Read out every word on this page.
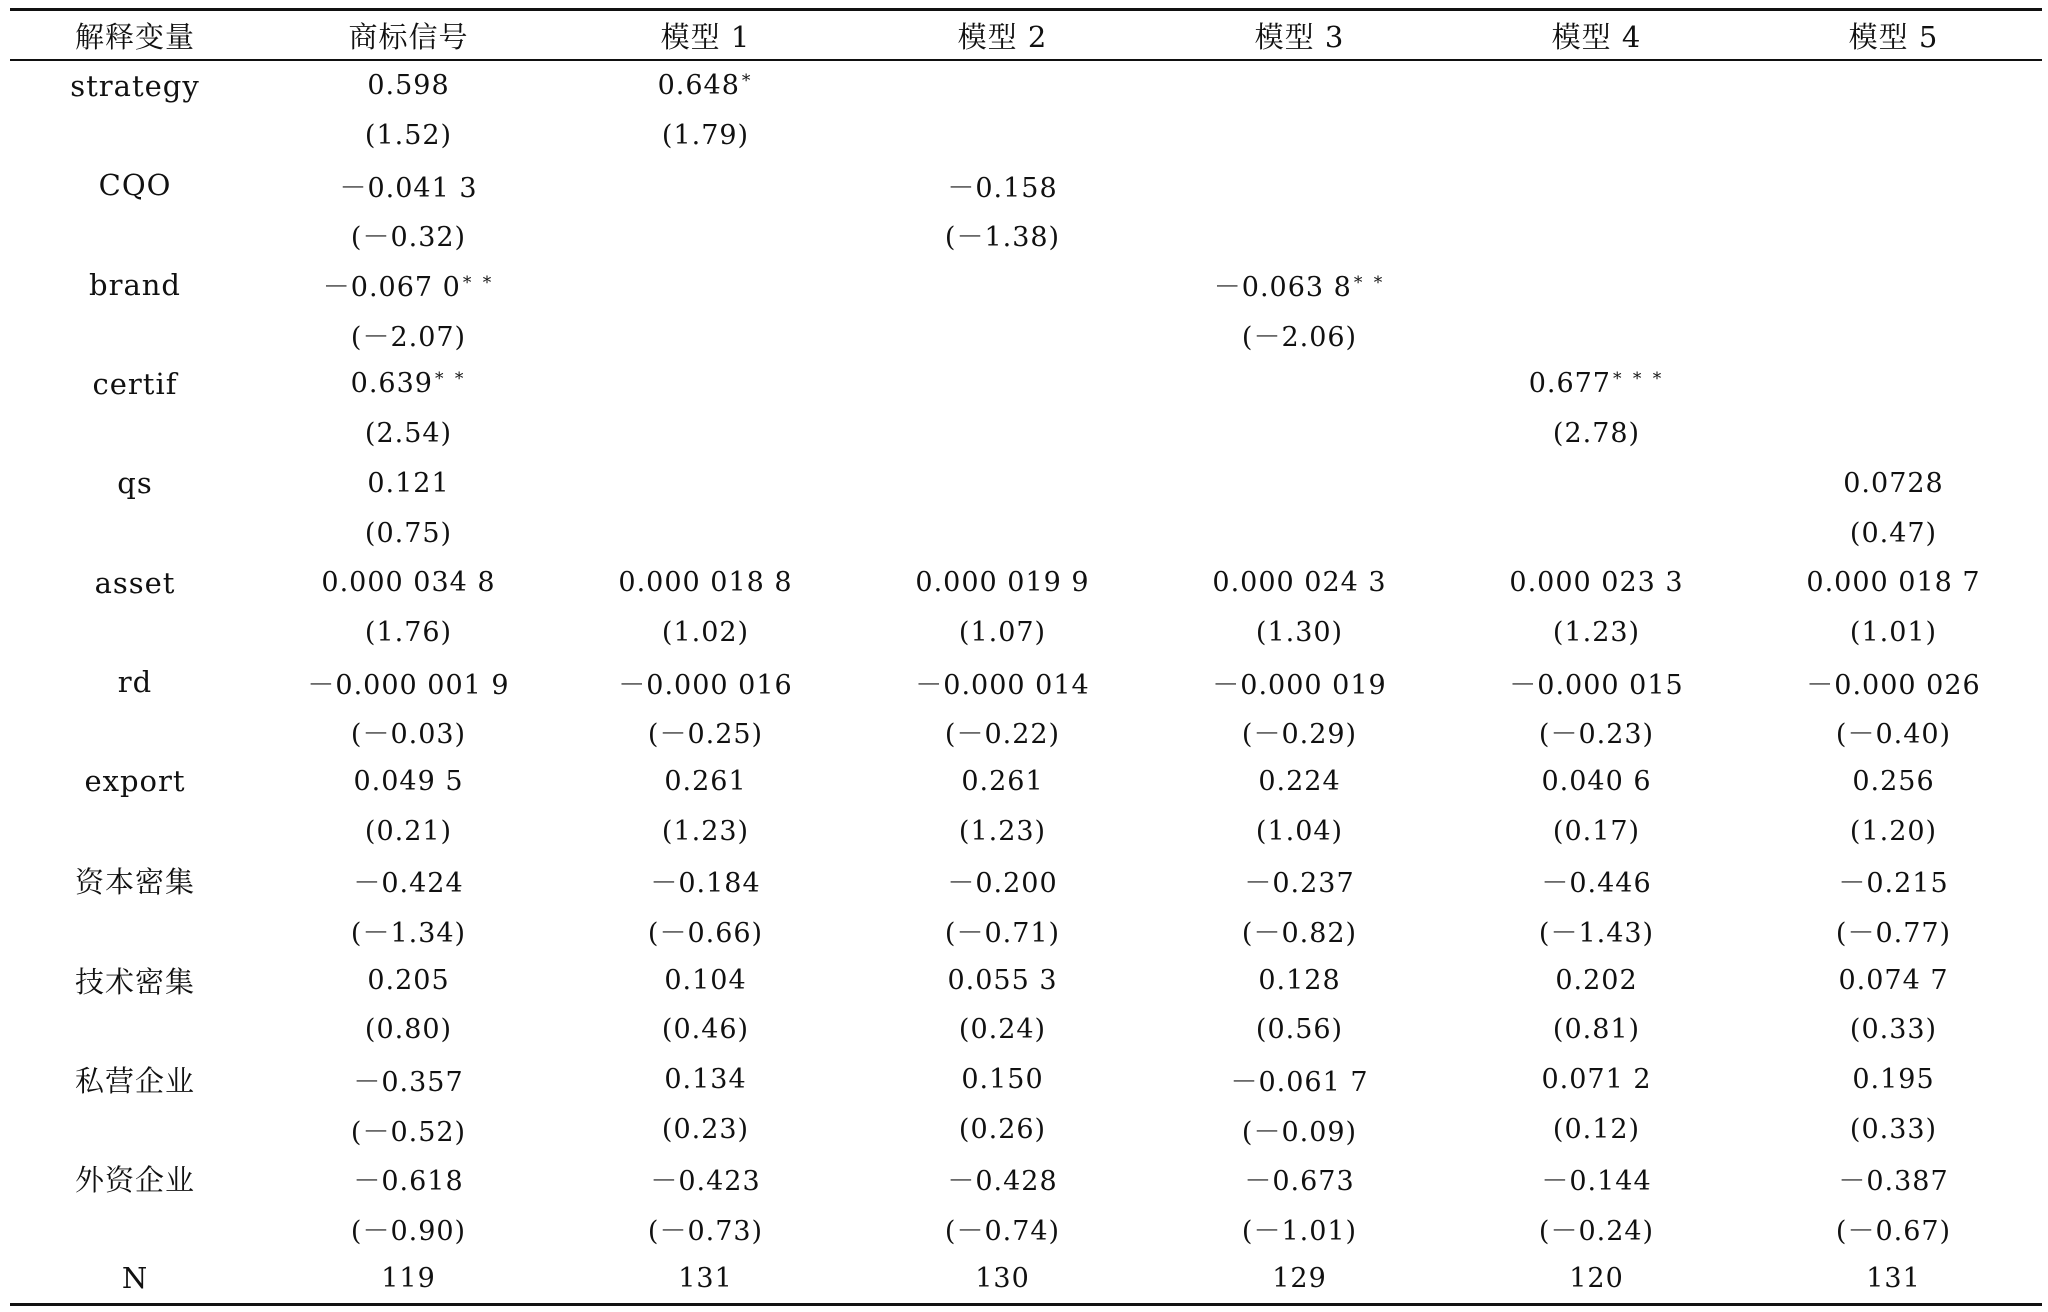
解释变量	商标信号	模型 1	模型 2	模型 3	模型 4	模型 5
strategy	0.598	0.648 *				
	(1.52)	(1.79)				
CQO	－0.041 3		－0.158			
	(－0.32)		(－1.38)			
brand	－0.067 0 * *			－0.063 8 * *		
	(－2.07)			(－2.06)		
certif	0.639 * *				0.677 * * *	
	(2.54)				(2.78)	
qs	0.121					0.0728
	(0.75)					(0.47)
asset	0.000 034 8	0.000 018 8	0.000 019 9	0.000 024 3	0.000 023 3	0.000 018 7
	(1.76)	(1.02)	(1.07)	(1.30)	(1.23)	(1.01)
rd	－0.000 001 9	－0.000 016	－0.000 014	－0.000 019	－0.000 015	－0.000 026
	(－0.03)	(－0.25)	(－0.22)	(－0.29)	(－0.23)	(－0.40)
export	0.049 5	0.261	0.261	0.224	0.040 6	0.256
	(0.21)	(1.23)	(1.23)	(1.04)	(0.17)	(1.20)
资本密集	－0.424	－0.184	－0.200	－0.237	－0.446	－0.215
	(－1.34)	(－0.66)	(－0.71)	(－0.82)	(－1.43)	(－0.77)
技术密集	0.205	0.104	0.055 3	0.128	0.202	0.074 7
	(0.80)	(0.46)	(0.24)	(0.56)	(0.81)	(0.33)
私营企业	－0.357	0.134	0.150	－0.061 7	0.071 2	0.195
	(－0.52)	(0.23)	(0.26)	(－0.09)	(0.12)	(0.33)
外资企业	－0.618	－0.423	－0.428	－0.673	－0.144	－0.387
	(－0.90)	(－0.73)	(－0.74)	(－1.01)	(－0.24)	(－0.67)
N	119	131	130	129	120	131
